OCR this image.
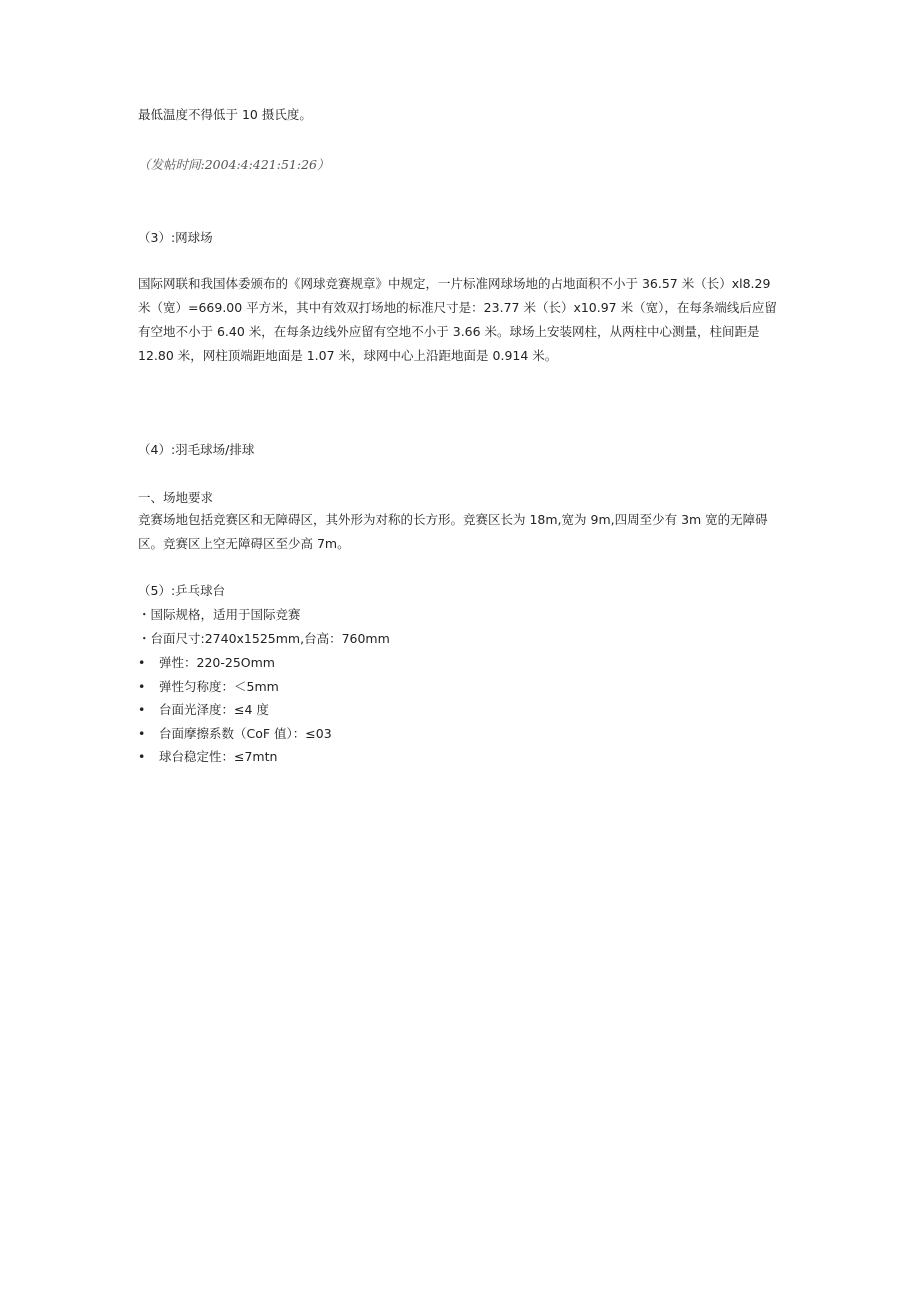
最低温度不得低于 10 摄氏度。
（发帖时间:2004:4:421:51:26）
（3）:网球场
国际网联和我国体委颁布的《网球竞赛规章》中规定，一片标准网球场地的占地面积不小于 36.57 米（长）xl8.29
米（宽）=669.00 平方米，其中有效双打场地的标准尺寸是：23.77 米（长）x10.97 米（宽），在每条端线后应留
有空地不小于 6.40 米，在每条边线外应留有空地不小于 3.66 米。球场上安装网柱，从两柱中心测量，柱间距是
12.80 米，网柱顶端距地面是 1.07 米，球网中心上沿距地面是 0.914 米。
（4）:羽毛球场/排球
一、场地要求
竞赛场地包括竞赛区和无障碍区，其外形为对称的长方形。竞赛区长为 18m,宽为 9m,四周至少有 3m 宽的无障碍
区。竞赛区上空无障碍区至少高 7m。
（5）:乒乓球台
・国际规格，适用于国际竞赛
・台面尺寸:2740x1525mm,台高：760mm
• 弹性：220-25Omm
• 弹性匀称度：＜5mm
• 台面光泽度：≤4 度
• 台面摩擦系数（CoF 值）：≤03
• 球台稳定性：≤7mtn
